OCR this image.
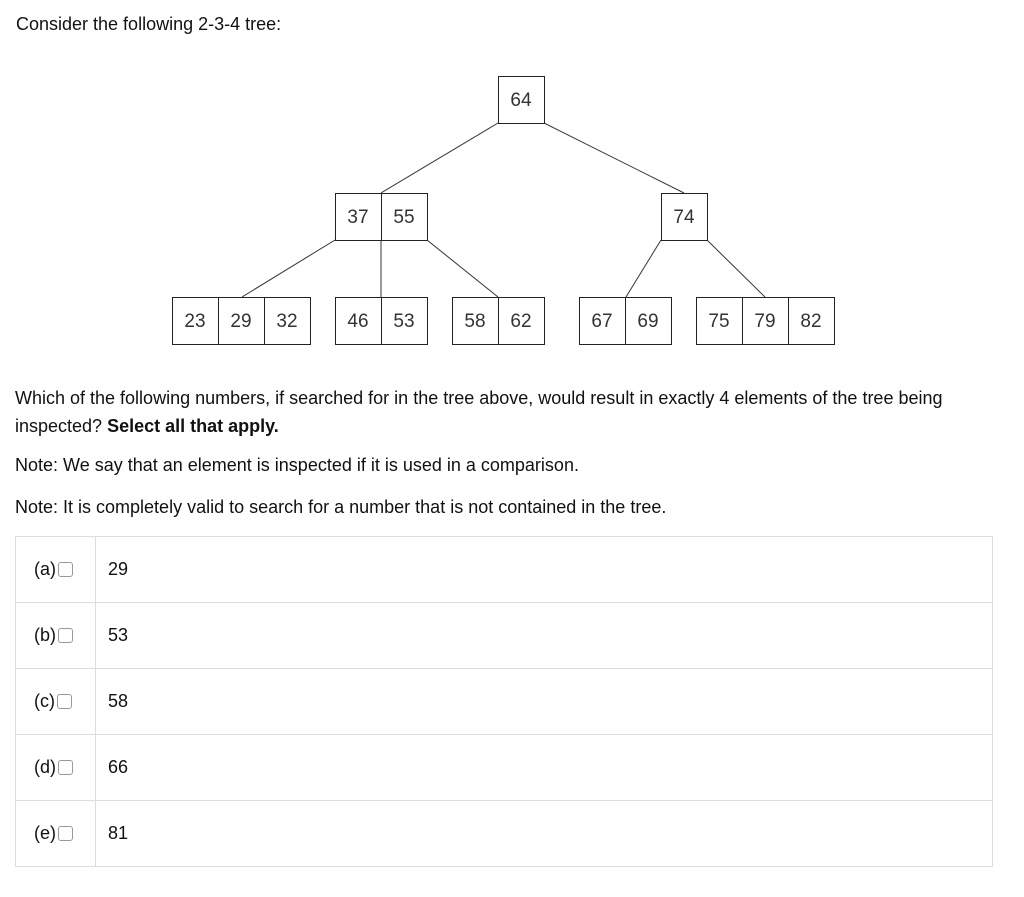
Consider the following 2-3-4 tree:
64
37 55	74
23 29 32	46 53	58 62	67 69	75 79 82
Which of the following numbers, if searched for in the tree above, would result in exactly 4 elements of the tree being inspected? Select all that apply.
Note: We say that an element is inspected if it is used in a comparison.
Note: It is completely valid to search for a number that is not contained in the tree.
(a)	29
(b)	53
(c)	58
(d)	66
(e)	81
